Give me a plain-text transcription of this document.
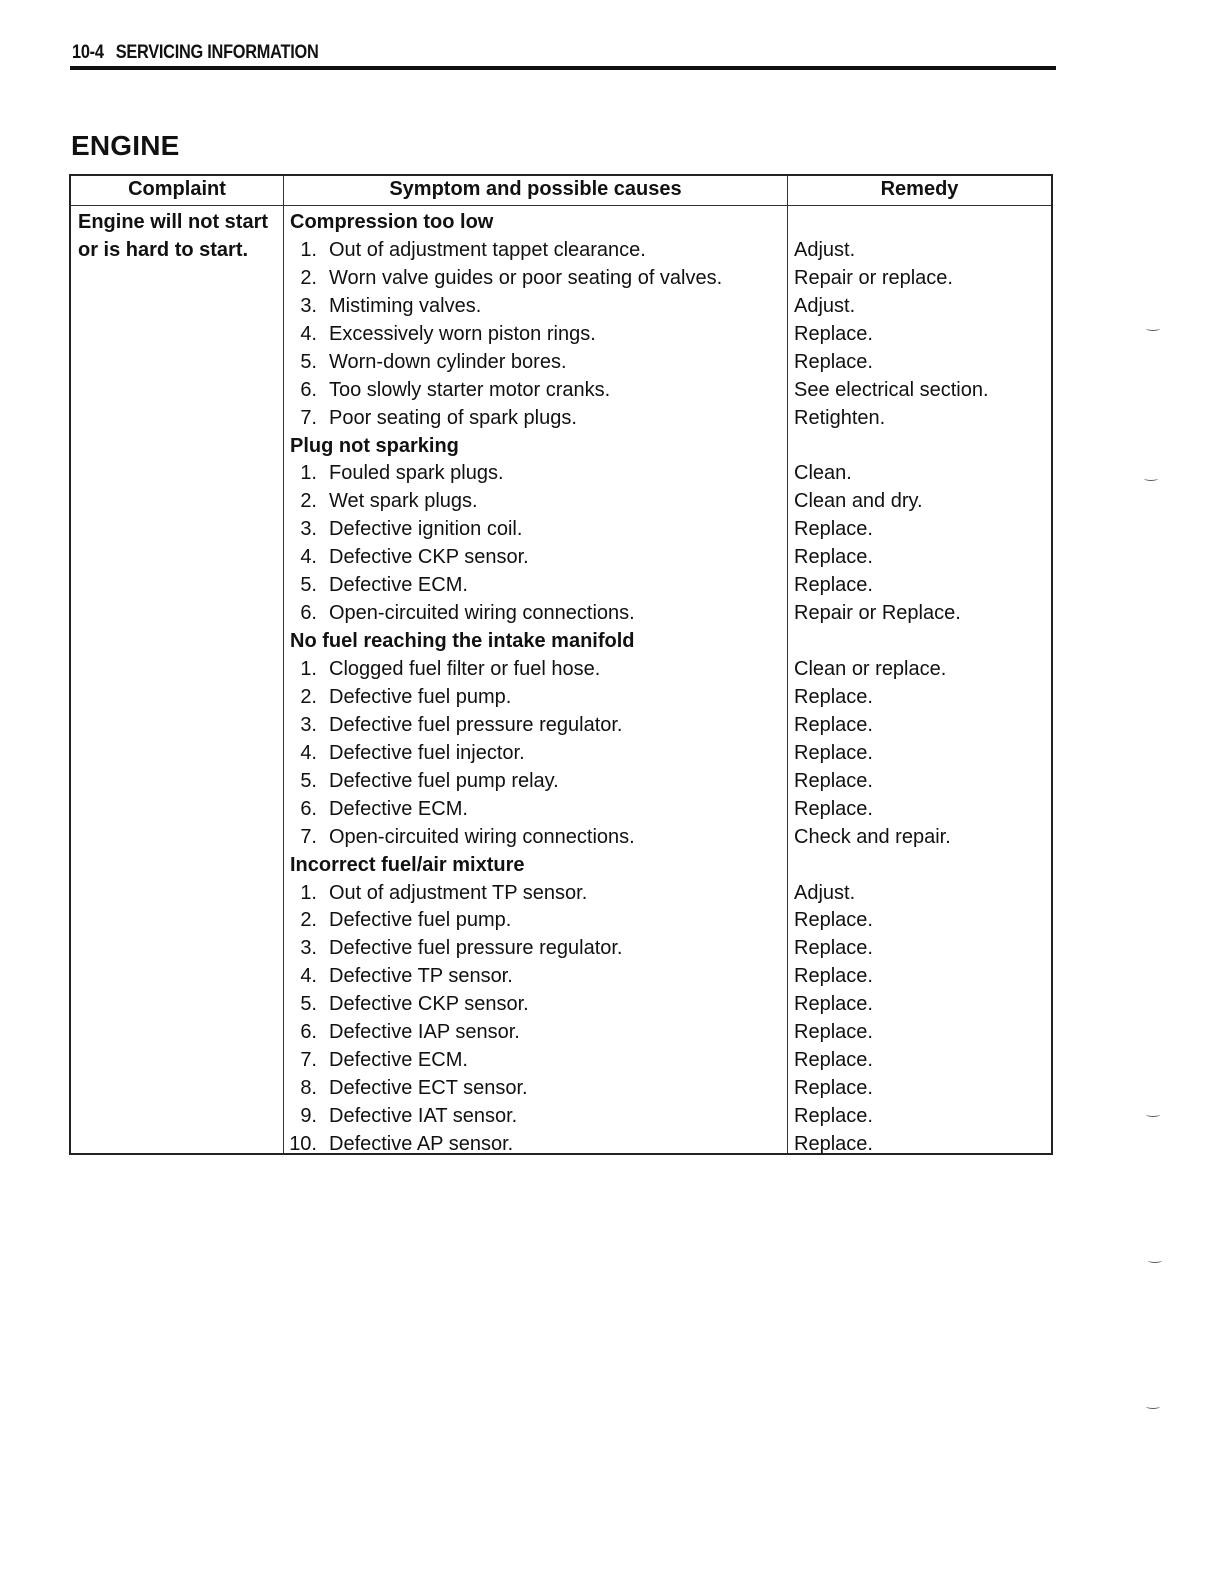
10-4 SERVICING INFORMATION
ENGINE
Complaint	Symptom and possible causes	Remedy
Engine will not start
or is hard to start.
Compression too low
1. Out of adjustment tappet clearance.	Adjust.
2. Worn valve guides or poor seating of valves.	Repair or replace.
3. Mistiming valves.	Adjust.
4. Excessively worn piston rings.	Replace.
5. Worn-down cylinder bores.	Replace.
6. Too slowly starter motor cranks.	See electrical section.
7. Poor seating of spark plugs.	Retighten.
Plug not sparking
1. Fouled spark plugs.	Clean.
2. Wet spark plugs.	Clean and dry.
3. Defective ignition coil.	Replace.
4. Defective CKP sensor.	Replace.
5. Defective ECM.	Replace.
6. Open-circuited wiring connections.	Repair or Replace.
No fuel reaching the intake manifold
1. Clogged fuel filter or fuel hose.	Clean or replace.
2. Defective fuel pump.	Replace.
3. Defective fuel pressure regulator.	Replace.
4. Defective fuel injector.	Replace.
5. Defective fuel pump relay.	Replace.
6. Defective ECM.	Replace.
7. Open-circuited wiring connections.	Check and repair.
Incorrect fuel/air mixture
1. Out of adjustment TP sensor.	Adjust.
2. Defective fuel pump.	Replace.
3. Defective fuel pressure regulator.	Replace.
4. Defective TP sensor.	Replace.
5. Defective CKP sensor.	Replace.
6. Defective IAP sensor.	Replace.
7. Defective ECM.	Replace.
8. Defective ECT sensor.	Replace.
9. Defective IAT sensor.	Replace.
10. Defective AP sensor.	Replace.
